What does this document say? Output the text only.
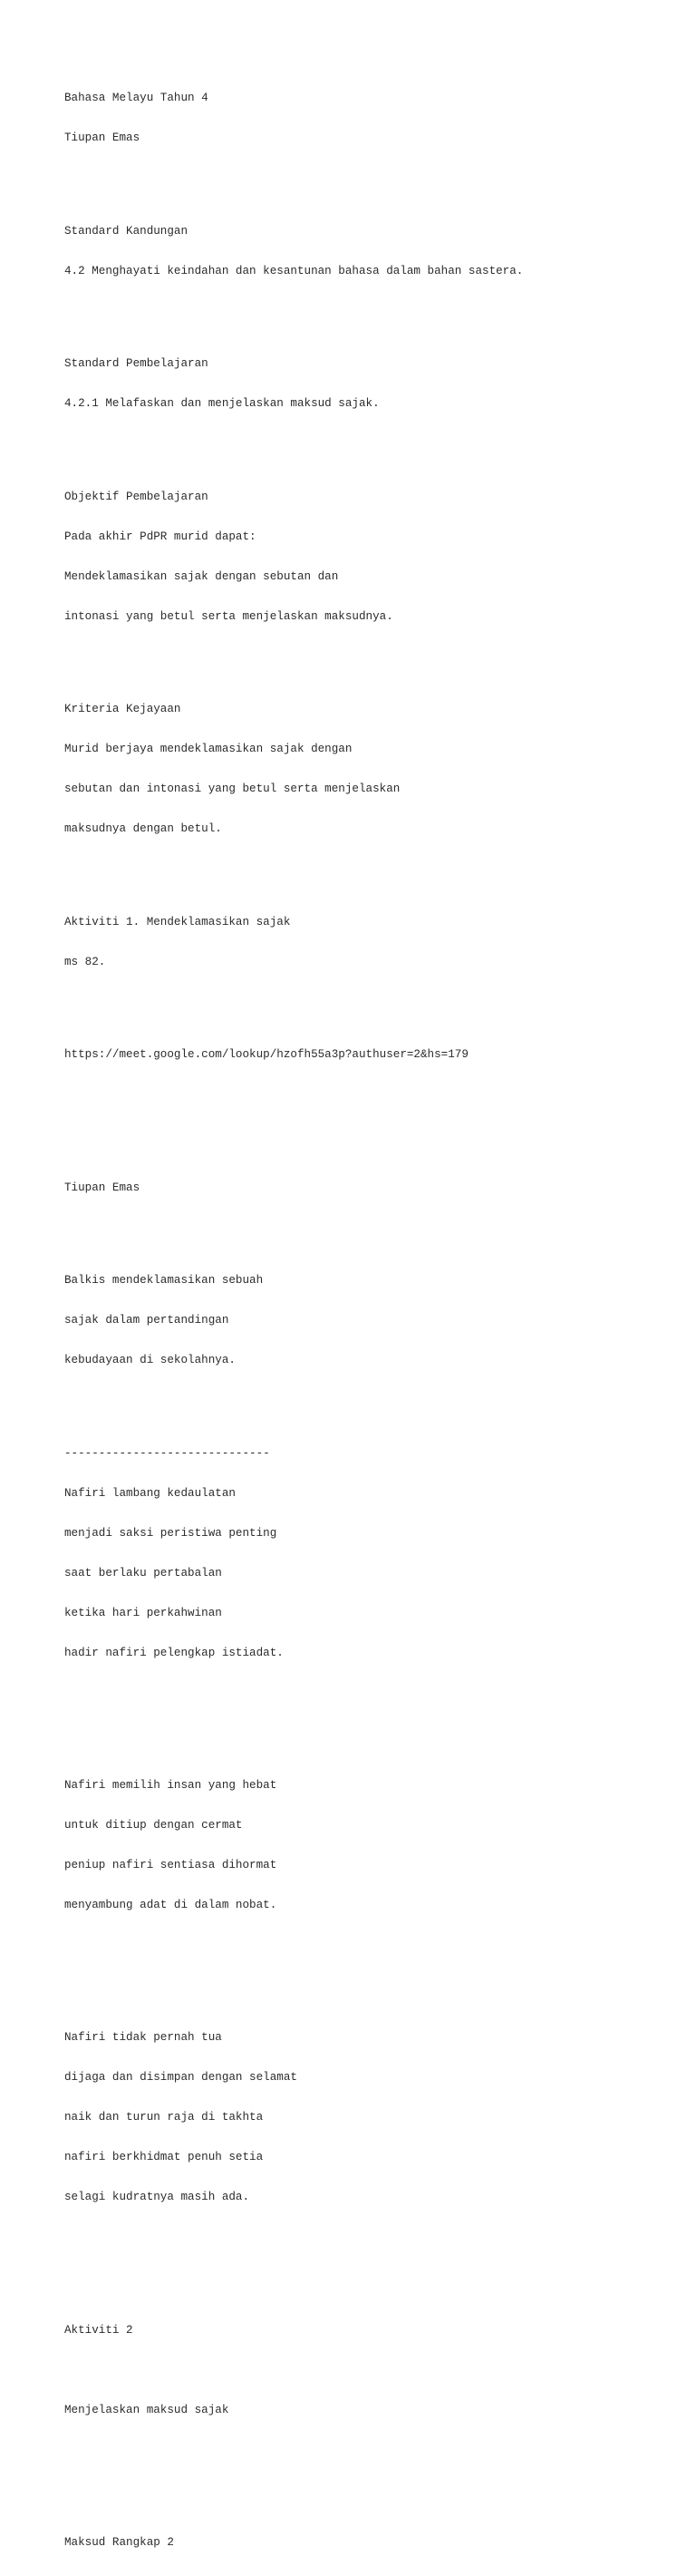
Bahasa Melayu Tahun 4

Tiupan Emas

Standard Kandungan

4.2 Menghayati keindahan dan kesantunan bahasa dalam bahan sastera.

Standard Pembelajaran

4.2.1 Melafaskan dan menjelaskan maksud sajak.

Objektif Pembelajaran

Pada akhir PdPR murid dapat:

Mendeklamasikan sajak dengan sebutan dan

intonasi yang betul serta menjelaskan maksudnya.

Kriteria Kejayaan

Murid berjaya mendeklamasikan sajak dengan

sebutan dan intonasi yang betul serta menjelaskan

maksudnya dengan betul.

Aktiviti 1. Mendeklamasikan sajak

ms 82.

https://meet.google.com/lookup/hzofh55a3p?authuser=2&hs=179

Tiupan Emas

Balkis mendeklamasikan sebuah

sajak dalam pertandingan

kebudayaan di sekolahnya.

------------------------------

Nafiri lambang kedaulatan

menjadi saksi peristiwa penting

saat berlaku pertabalan

ketika hari perkahwinan

hadir nafiri pelengkap istiadat.

Nafiri memilih insan yang hebat

untuk ditiup dengan cermat

peniup nafiri sentiasa dihormat

menyambung adat di dalam nobat.

Nafiri tidak pernah tua

dijaga dan disimpan dengan selamat

naik dan turun raja di takhta

nafiri berkhidmat penuh setia

selagi kudratnya masih ada.

Aktiviti 2

Menjelaskan maksud sajak

Maksud Rangkap 2
